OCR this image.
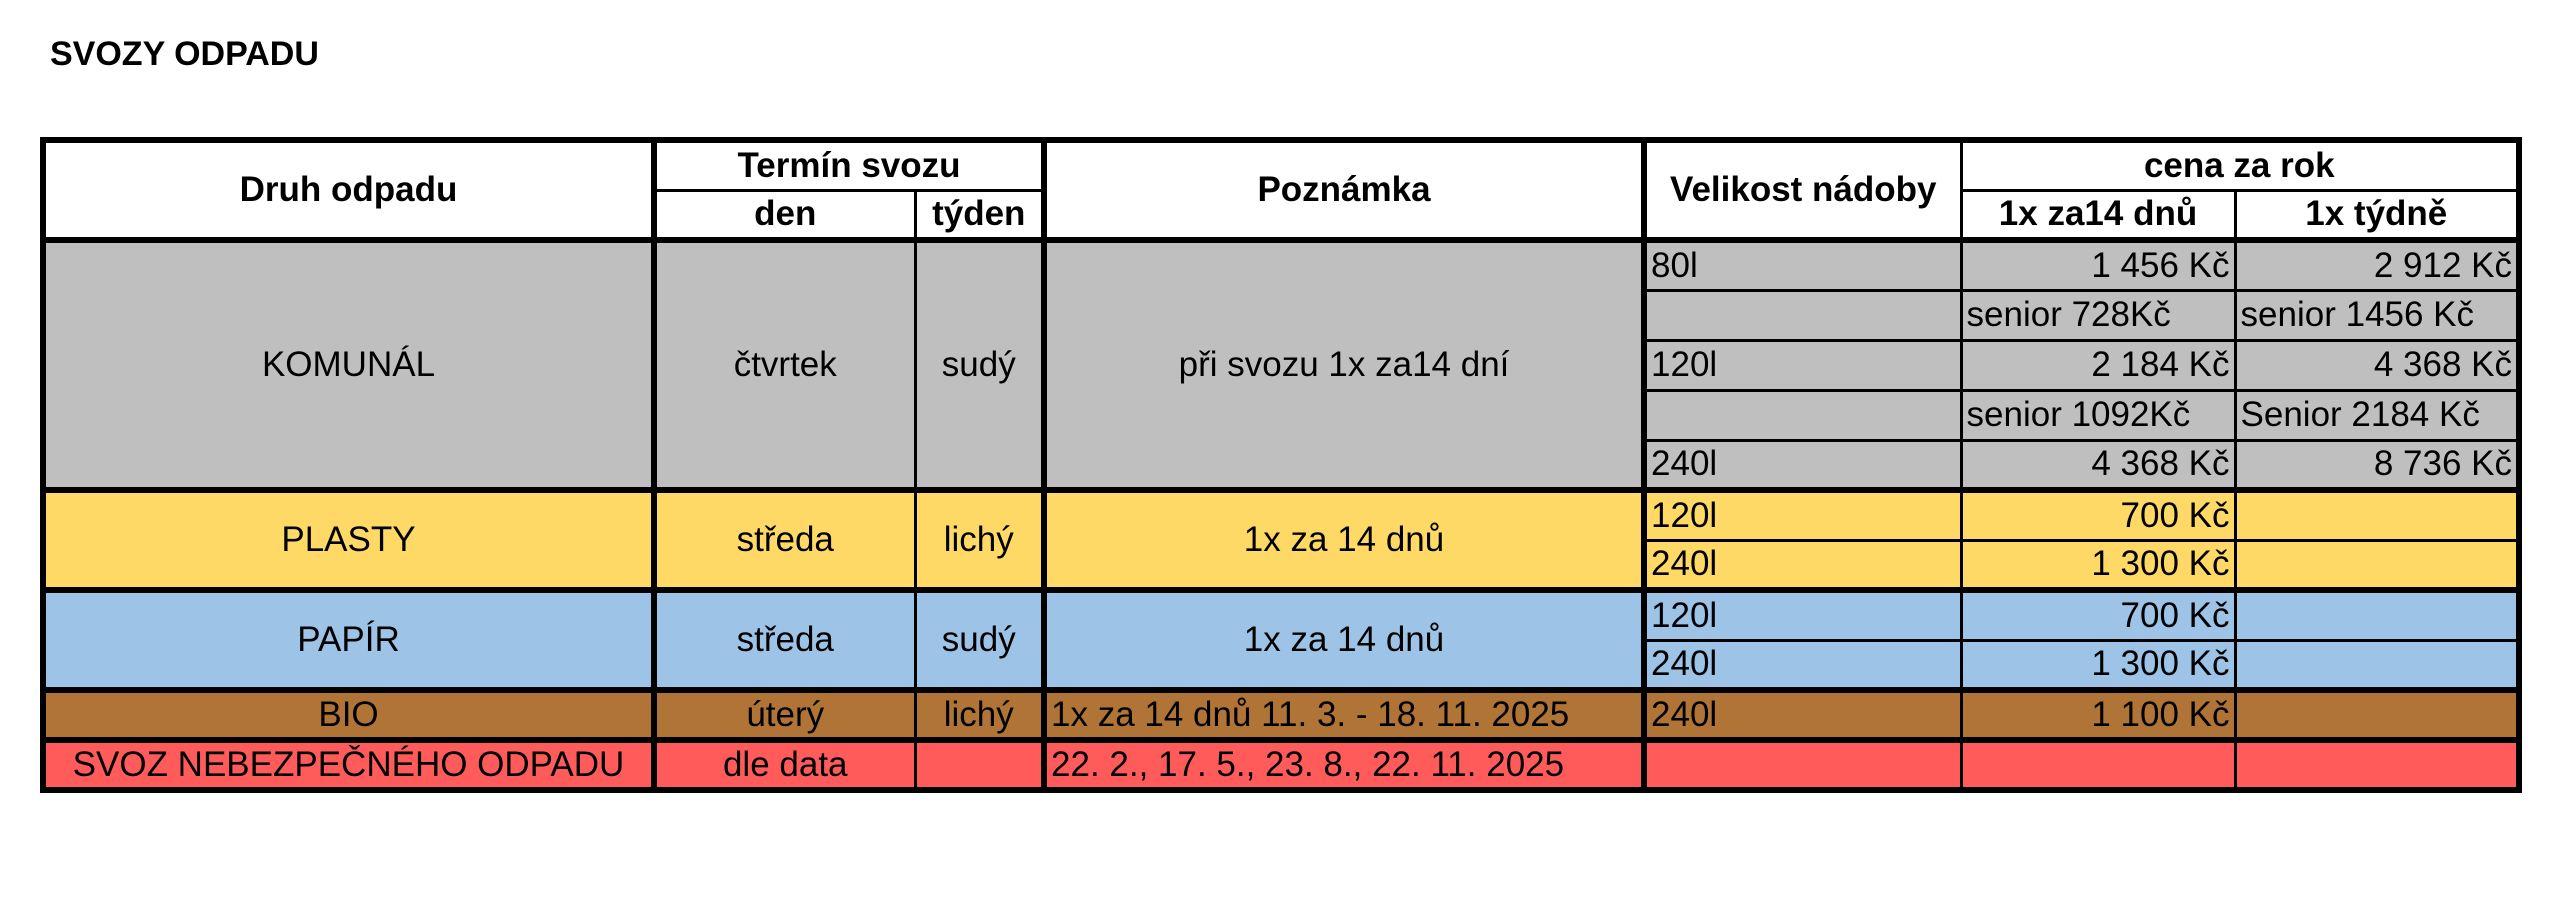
SVOZY ODPADU
Druh odpadu	Termín svozu		Poznámka	Velikost nádoby	cena za rok	
	den	týden			1x za14 dnů	1x týdně
KOMUNÁL	čtvrtek	sudý	při svozu 1x za14 dní	80l	1 456 Kč	2 912 Kč
					senior 728Kč	senior 1456 Kč
				120l	2 184 Kč	4 368 Kč
					senior 1092Kč	Senior 2184 Kč
				240l	4 368 Kč	8 736 Kč
PLASTY	středa	lichý	1x za 14 dnů	120l	700 Kč	
				240l	1 300 Kč	
PAPÍR	středa	sudý	1x za 14 dnů	120l	700 Kč	
				240l	1 300 Kč	
BIO	úterý	lichý	1x za 14 dnů 11. 3. - 18. 11. 2025	240l	1 100 Kč	
SVOZ NEBEZPEČNÉHO ODPADU	dle data		22. 2., 17. 5., 23. 8., 22. 11. 2025			
